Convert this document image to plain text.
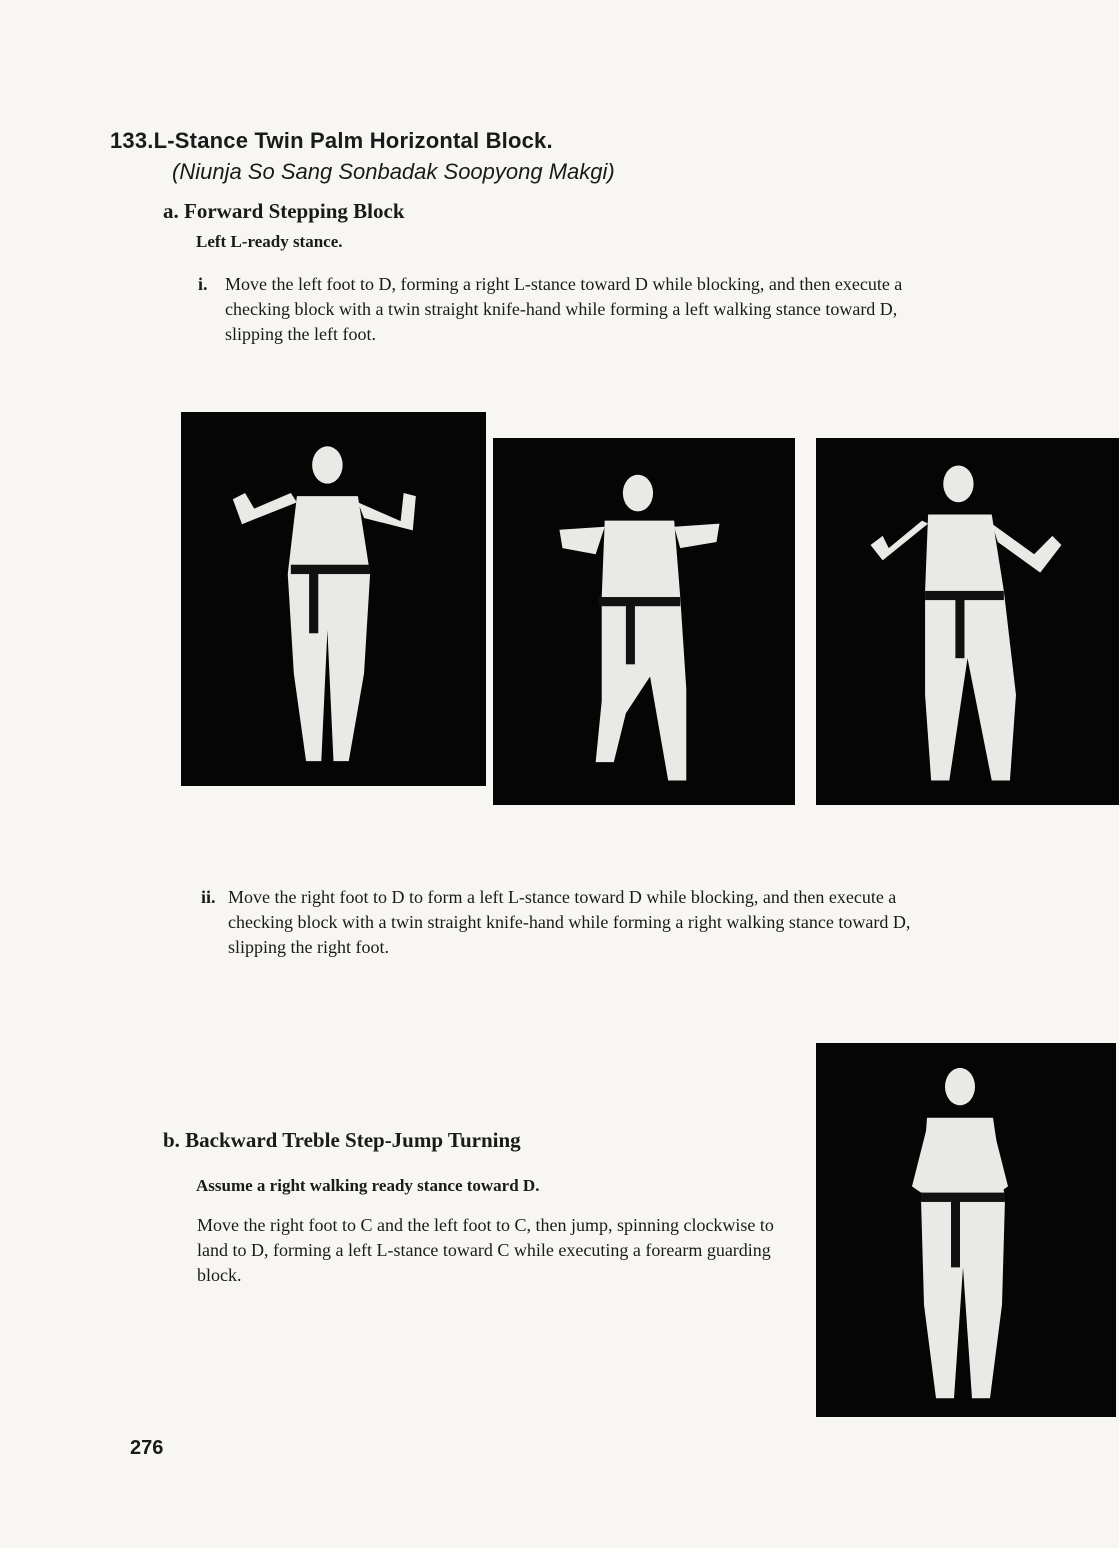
133.L-Stance Twin Palm Horizontal Block.
(Niunja So Sang Sonbadak Soopyong Makgi)
a. Forward Stepping Block
Left L-ready stance.
i. Move the left foot to D, forming a right L-stance toward D while blocking, and then execute a checking block with a twin straight knife-hand while forming a left walking stance toward D, slipping the left foot.
ii. Move the right foot to D to form a left L-stance toward D while blocking, and then execute a checking block with a twin straight knife-hand while forming a right walking stance toward D, slipping the right foot.
b. Backward Treble Step-Jump Turning
Assume a right walking ready stance toward D.
Move the right foot to C and the left foot to C, then jump, spinning clockwise to land to D, forming a left L-stance toward C while executing a forearm guarding block.
276
